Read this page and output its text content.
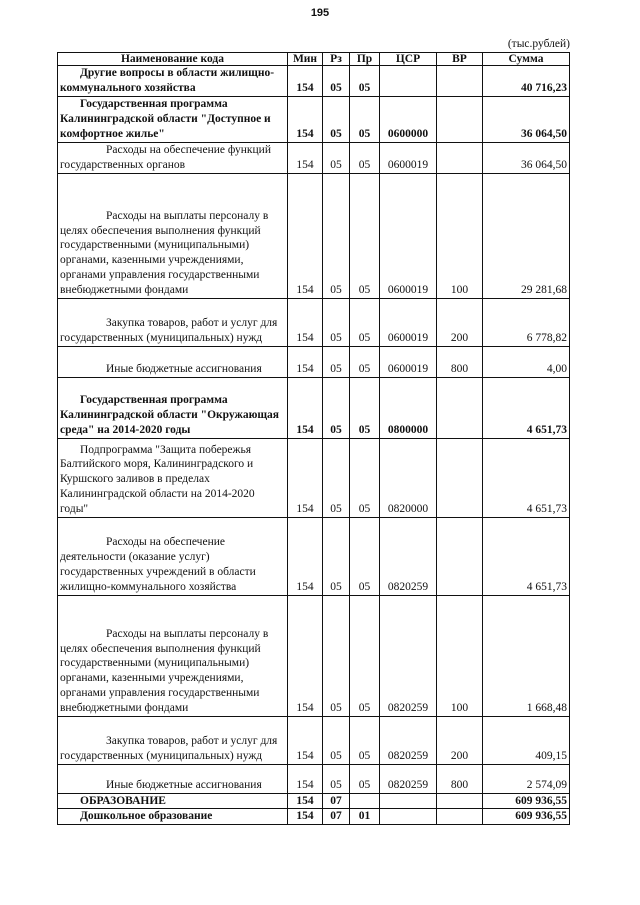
195
(тыс.рублей)
Наименование кода	Мин	Рз	Пр	ЦСР	ВР	Сумма
Другие вопросы в области жилищно-коммунального хозяйства	154	05	05			40 716,23
Государственная программа Калининградской области "Доступное и комфортное жилье"	154	05	05	0600000		36 064,50
Расходы на обеспечение функций государственных органов	154	05	05	0600019		36 064,50
Расходы на выплаты персоналу в целях обеспечения выполнения функций государственными (муниципальными) органами, казенными учреждениями, органами управления государственными внебюджетными фондами	154	05	05	0600019	100	29 281,68
Закупка товаров, работ и услуг для государственных (муниципальных) нужд	154	05	05	0600019	200	6 778,82
Иные бюджетные ассигнования	154	05	05	0600019	800	4,00
Государственная программа Калининградской области "Окружающая среда" на 2014-2020 годы	154	05	05	0800000		4 651,73
Подпрограмма "Защита побережья Балтийского моря, Калининградского и Куршского заливов в пределах Калининградской области на 2014-2020 годы"	154	05	05	0820000		4 651,73
Расходы на обеспечение деятельности (оказание услуг) государственных учреждений в области жилищно-коммунального хозяйства	154	05	05	0820259		4 651,73
Расходы на выплаты персоналу в целях обеспечения выполнения функций государственными (муниципальными) органами, казенными учреждениями, органами управления государственными внебюджетными фондами	154	05	05	0820259	100	1 668,48
Закупка товаров, работ и услуг для государственных (муниципальных) нужд	154	05	05	0820259	200	409,15
Иные бюджетные ассигнования	154	05	05	0820259	800	2 574,09
ОБРАЗОВАНИЕ	154	07				609 936,55
Дошкольное образование	154	07	01			609 936,55
